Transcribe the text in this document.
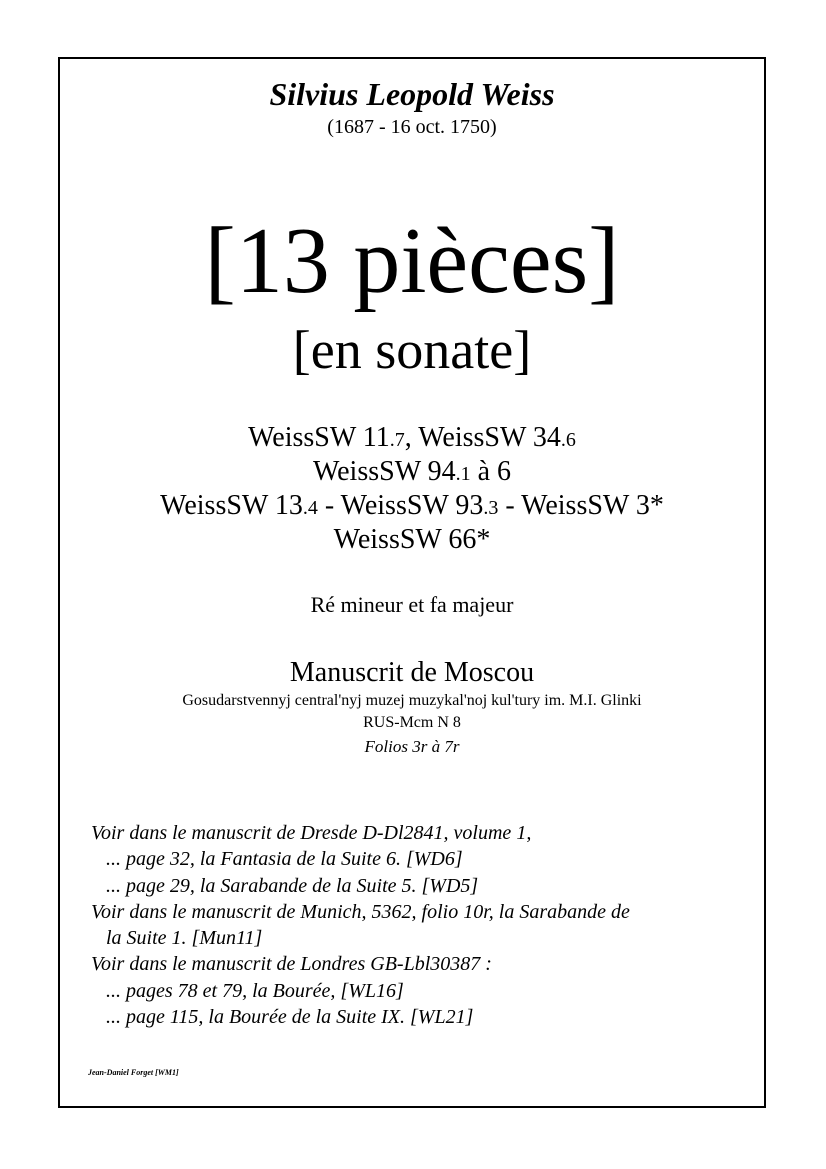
Silvius Leopold Weiss
(1687 - 16 oct. 1750)
[13 pièces]
[en sonate]
WeissSW 11.7, WeissSW 34.6
WeissSW 94.1 à 6
WeissSW 13.4 - WeissSW 93.3 - WeissSW 3*
WeissSW 66*
Ré mineur et fa majeur
Manuscrit de Moscou
Gosudarstvennyj central'nyj muzej muzykal'noj kul'tury im. M.I. Glinki
RUS-Mcm N 8
Folios 3r à 7r
Voir dans le manuscrit de Dresde D-Dl2841, volume 1,
... page 32, la Fantasia de la Suite 6. [WD6]
... page 29, la Sarabande de la Suite 5. [WD5]
Voir dans le manuscrit de Munich, 5362, folio 10r, la Sarabande de
la Suite 1. [Mun11]
Voir dans le manuscrit de Londres GB-Lbl30387 :
... pages 78 et 79, la Bourée, [WL16]
... page 115, la Bourée de la Suite IX. [WL21]
Jean-Daniel Forget [WM1]
